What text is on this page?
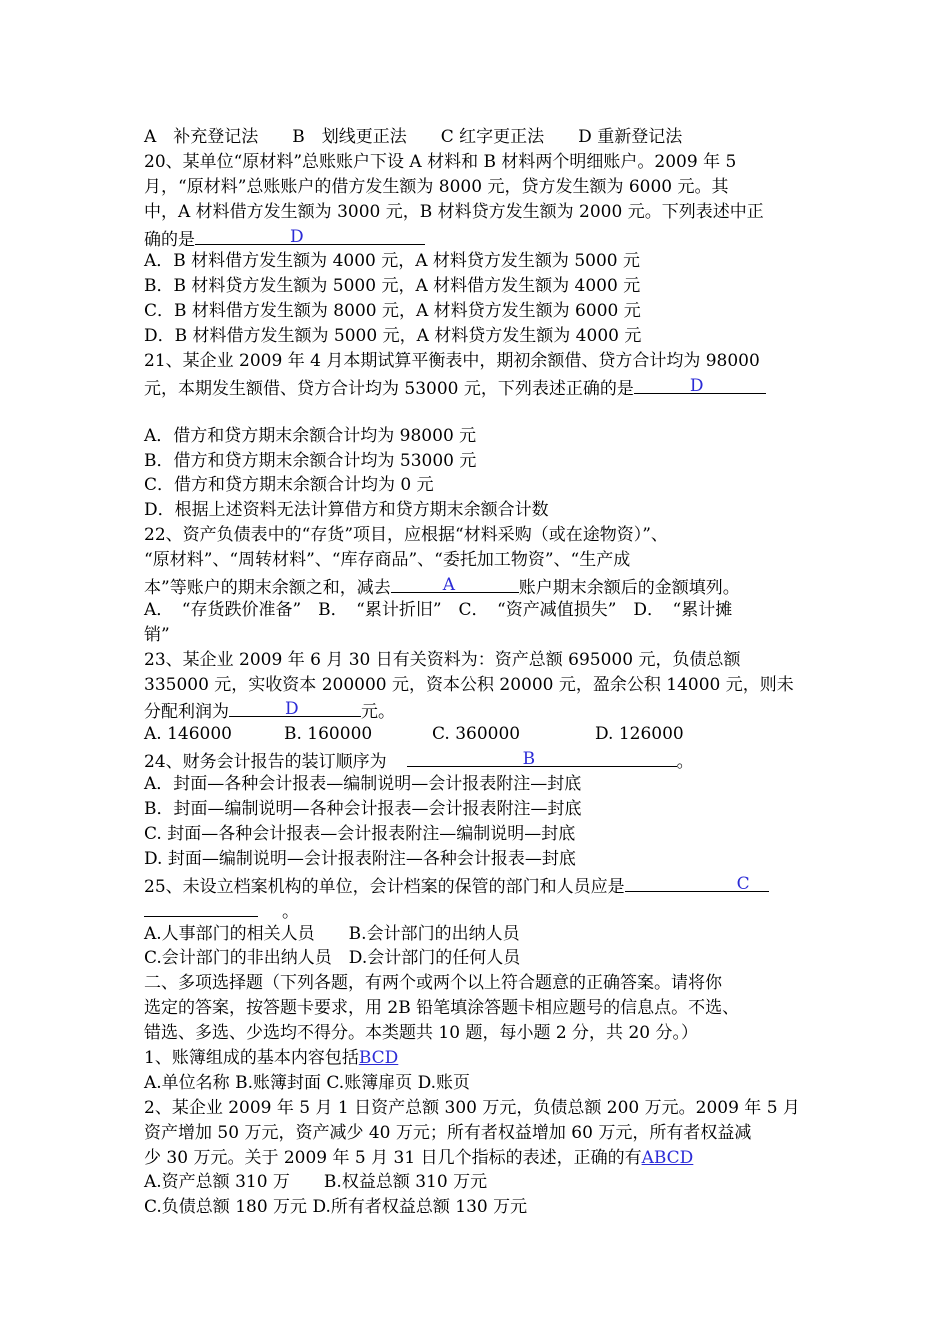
A　补充登记法　　B　划线更正法　　C 红字更正法　　D 重新登记法
20、某单位“原材料”总账账户下设 A 材料和 B 材料两个明细账户。2009 年 5
月，“原材料”总账账户的借方发生额为 8000 元，贷方发生额为 6000 元。其
中，A 材料借方发生额为 3000 元，B 材料贷方发生额为 2000 元。下列表述中正
确的是	D
A．B 材料借方发生额为 4000 元，A 材料贷方发生额为 5000 元
B．B 材料贷方发生额为 5000 元，A 材料借方发生额为 4000 元
C．B 材料借方发生额为 8000 元，A 材料贷方发生额为 6000 元
D．B 材料借方发生额为 5000 元，A 材料贷方发生额为 4000 元
21、某企业 2009 年 4 月本期试算平衡表中，期初余额借、贷方合计均为 98000
元，本期发生额借、贷方合计均为 53000 元，下列表述正确的是	D
A．借方和贷方期末余额合计均为 98000 元
B．借方和贷方期末余额合计均为 53000 元
C．借方和贷方期末余额合计均为 0 元
D．根据上述资料无法计算借方和贷方期末余额合计数
22、资产负债表中的“存货”项目，应根据“材料采购（或在途物资）”、
“原材料”、“周转材料”、“库存商品”、“委托加工物资”、“生产成
本”等账户的期末余额之和，减去	A	账户期末余额后的金额填列。
A．　“存货跌价准备”　B．　“累计折旧”　C．　“资产减值损失”　D．　“累计摊
销”
23、某企业 2009 年 6 月 30 日有关资料为：资产总额 695000 元，负债总额
335000 元，实收资本 200000 元，资本公积 20000 元，盈余公积 14000 元，则未
分配利润为	D	元。
A. 146000	B. 160000	C. 360000	D. 126000
24、财务会计报告的装订顺序为	B	。
A．封面—各种会计报表—编制说明—会计报表附注—封底
B．封面—编制说明—各种会计报表—会计报表附注—封底
C. 封面—各种会计报表—会计报表附注—编制说明—封底
D. 封面—编制说明—会计报表附注—各种会计报表—封底
25、未设立档案机构的单位，会计档案的保管的部门和人员应是	C
。
A.人事部门的相关人员　　B.会计部门的出纳人员
C.会计部门的非出纳人员　D.会计部门的任何人员
二、多项选择题（下列各题，有两个或两个以上符合题意的正确答案。请将你
选定的答案，按答题卡要求，用 2B 铅笔填涂答题卡相应题号的信息点。不选、
错选、多选、少选均不得分。本类题共 10 题，每小题 2 分，共 20 分。）
1、账簿组成的基本内容包括BCD
A.单位名称 B.账簿封面 C.账簿扉页 D.账页
2、某企业 2009 年 5 月 1 日资产总额 300 万元，负债总额 200 万元。2009 年 5 月
资产增加 50 万元，资产减少 40 万元；所有者权益增加 60 万元，所有者权益减
少 30 万元。关于 2009 年 5 月 31 日几个指标的表述，正确的有ABCD
A.资产总额 310 万　　B.权益总额 310 万元
C.负债总额 180 万元 D.所有者权益总额 130 万元
